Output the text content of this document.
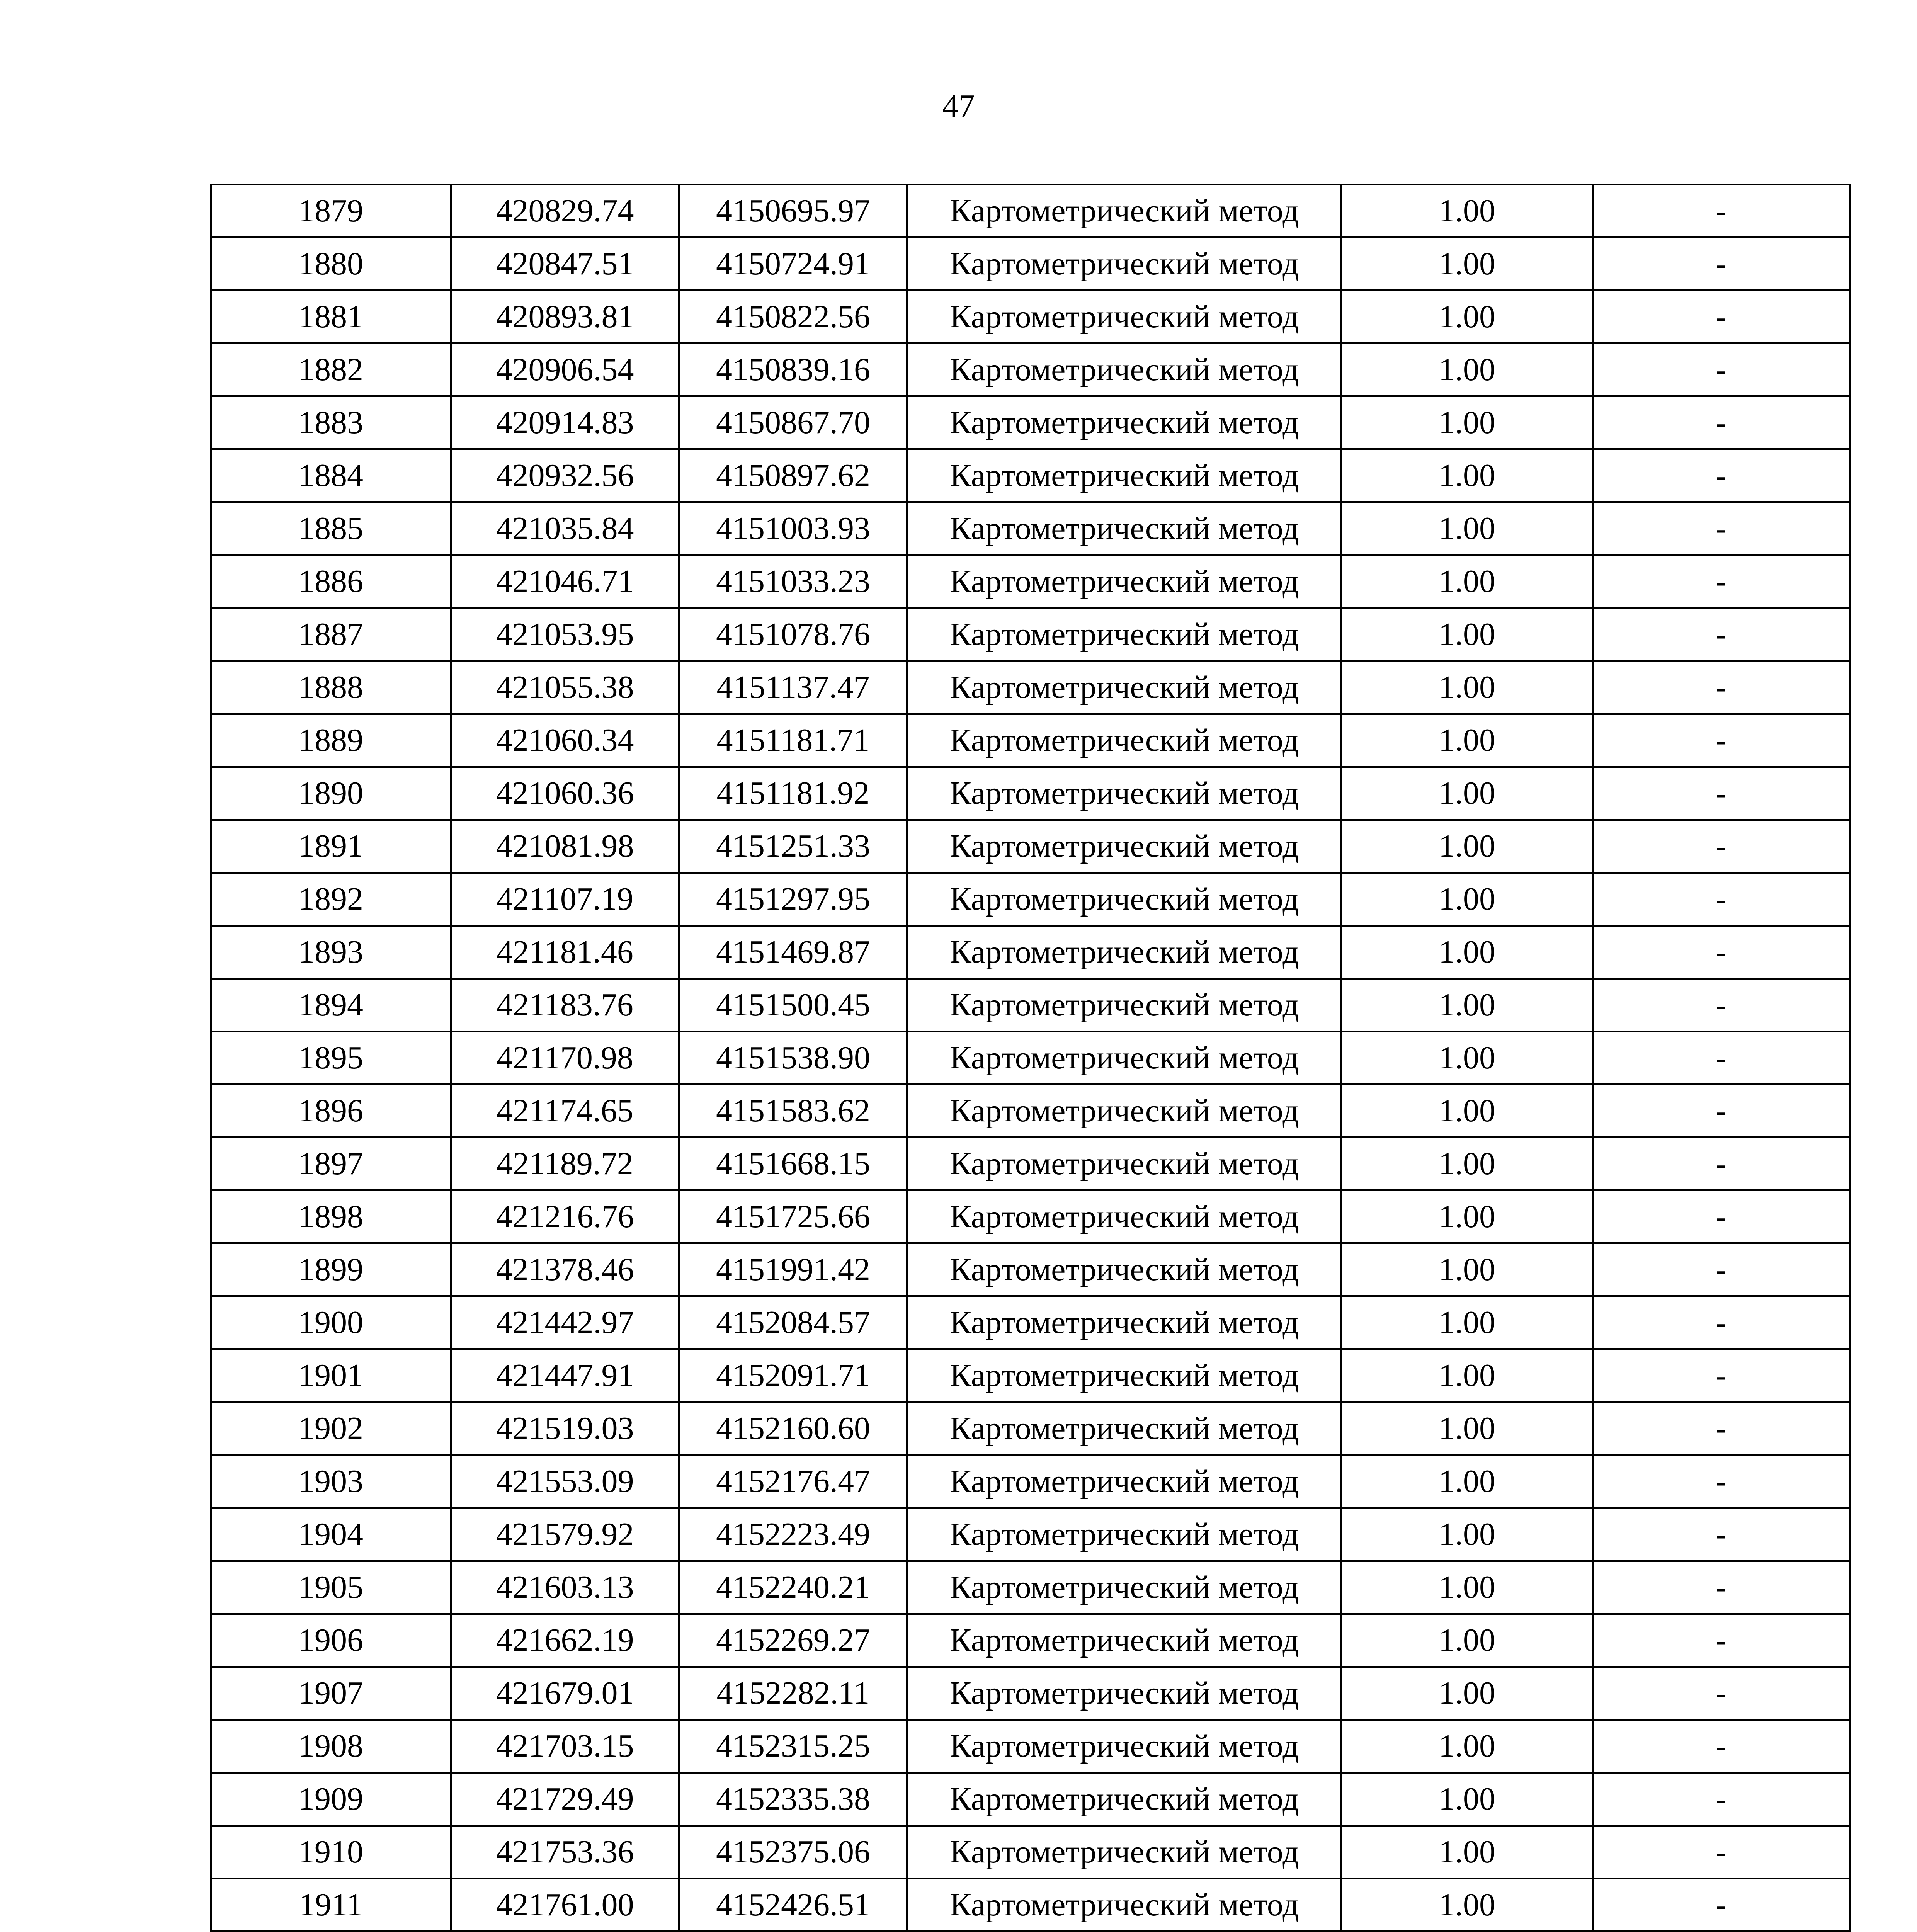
47
1879	420829.74	4150695.97	Картометрический метод	1.00	-
1880	420847.51	4150724.91	Картометрический метод	1.00	-
1881	420893.81	4150822.56	Картометрический метод	1.00	-
1882	420906.54	4150839.16	Картометрический метод	1.00	-
1883	420914.83	4150867.70	Картометрический метод	1.00	-
1884	420932.56	4150897.62	Картометрический метод	1.00	-
1885	421035.84	4151003.93	Картометрический метод	1.00	-
1886	421046.71	4151033.23	Картометрический метод	1.00	-
1887	421053.95	4151078.76	Картометрический метод	1.00	-
1888	421055.38	4151137.47	Картометрический метод	1.00	-
1889	421060.34	4151181.71	Картометрический метод	1.00	-
1890	421060.36	4151181.92	Картометрический метод	1.00	-
1891	421081.98	4151251.33	Картометрический метод	1.00	-
1892	421107.19	4151297.95	Картометрический метод	1.00	-
1893	421181.46	4151469.87	Картометрический метод	1.00	-
1894	421183.76	4151500.45	Картометрический метод	1.00	-
1895	421170.98	4151538.90	Картометрический метод	1.00	-
1896	421174.65	4151583.62	Картометрический метод	1.00	-
1897	421189.72	4151668.15	Картометрический метод	1.00	-
1898	421216.76	4151725.66	Картометрический метод	1.00	-
1899	421378.46	4151991.42	Картометрический метод	1.00	-
1900	421442.97	4152084.57	Картометрический метод	1.00	-
1901	421447.91	4152091.71	Картометрический метод	1.00	-
1902	421519.03	4152160.60	Картометрический метод	1.00	-
1903	421553.09	4152176.47	Картометрический метод	1.00	-
1904	421579.92	4152223.49	Картометрический метод	1.00	-
1905	421603.13	4152240.21	Картометрический метод	1.00	-
1906	421662.19	4152269.27	Картометрический метод	1.00	-
1907	421679.01	4152282.11	Картометрический метод	1.00	-
1908	421703.15	4152315.25	Картометрический метод	1.00	-
1909	421729.49	4152335.38	Картометрический метод	1.00	-
1910	421753.36	4152375.06	Картометрический метод	1.00	-
1911	421761.00	4152426.51	Картометрический метод	1.00	-
